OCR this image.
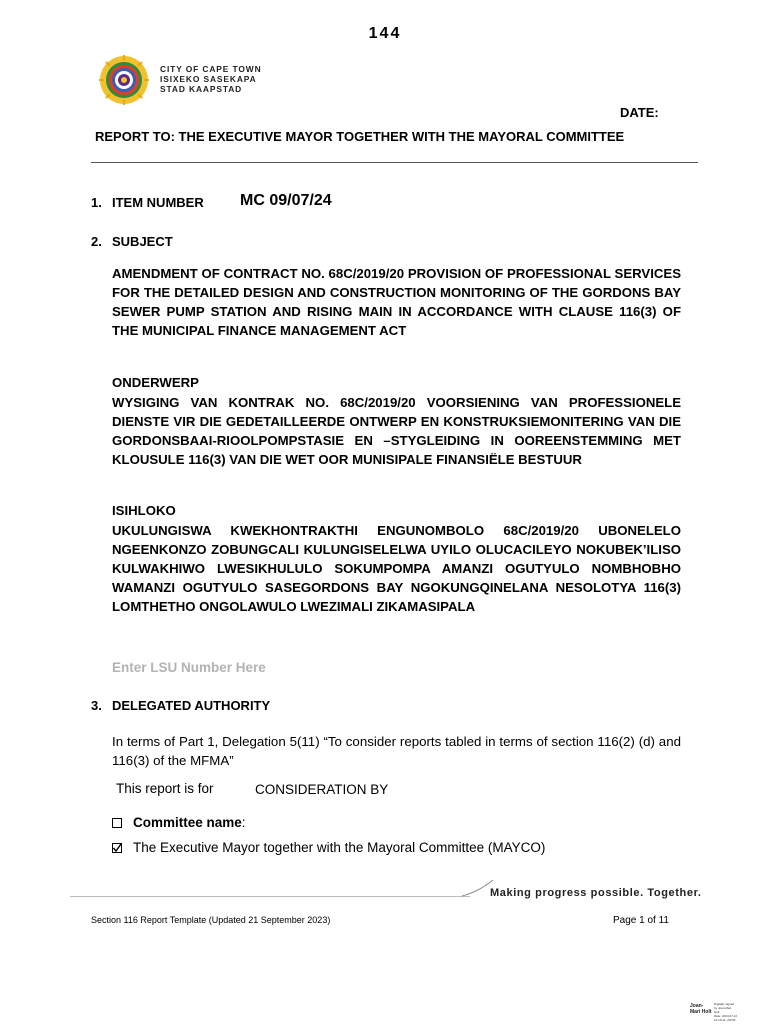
144
CITY OF CAPE TOWN
ISIXEKO SASEKAPA
STAD KAAPSTAD
DATE:
REPORT TO: THE EXECUTIVE MAYOR TOGETHER WITH THE MAYORAL COMMITTEE
1. ITEM NUMBER MC 09/07/24
2. SUBJECT
AMENDMENT OF CONTRACT NO. 68C/2019/20 PROVISION OF PROFESSIONAL SERVICES FOR THE DETAILED DESIGN AND CONSTRUCTION MONITORING OF THE GORDONS BAY SEWER PUMP STATION AND RISING MAIN IN ACCORDANCE WITH CLAUSE 116(3) OF THE MUNICIPAL FINANCE MANAGEMENT ACT
ONDERWERP
WYSIGING VAN KONTRAK NO. 68C/2019/20 VOORSIENING VAN PROFESSIONELE DIENSTE VIR DIE GEDETAILLEERDE ONTWERP EN KONSTRUKSIEMONITERING VAN DIE GORDONSBAAI-RIOOLPOMPSTASIE EN –STYGLEIDING IN OOREENSTEMMING MET KLOUSULE 116(3) VAN DIE WET OOR MUNISIPALE FINANSIËLE BESTUUR
ISIHLOKO
UKULUNGISWA KWEKHONTRAKTHI ENGUNOMBOLO 68C/2019/20 UBONELELO NGEENKONZO ZOBUNGCALI KULUNGISELELWA UYILO OLUCACILEYO NOKUBEK’ILISO KULWAKHIWO LWESIKHULULO SOKUMPOMPA AMANZI OGUTYULO NOMBHOBHO WAMANZI OGUTYULO SASEGORDONS BAY NGOKUNGQINELANA NESOLOTYA 116(3) LOMTHETHO ONGOLAWULO LWEZIMALI ZIKAMASIPALA
Enter LSU Number Here
3. DELEGATED AUTHORITY
In terms of Part 1, Delegation 5(11) “To consider reports tabled in terms of section 116(2) (d) and 116(3) of the MFMA”
This report is for	CONSIDERATION BY
Committee name :
The Executive Mayor together with the Mayoral Committee (MAYCO)
Making progress possible. Together.
Section 116 Report Template (Updated 21 September 2023)	Page 1 of 11
Joan-
Mari Holt
Digitally signed
by Joan-Mari
Holt
Date: 2024.07.22
14:10:11 +02'00'
